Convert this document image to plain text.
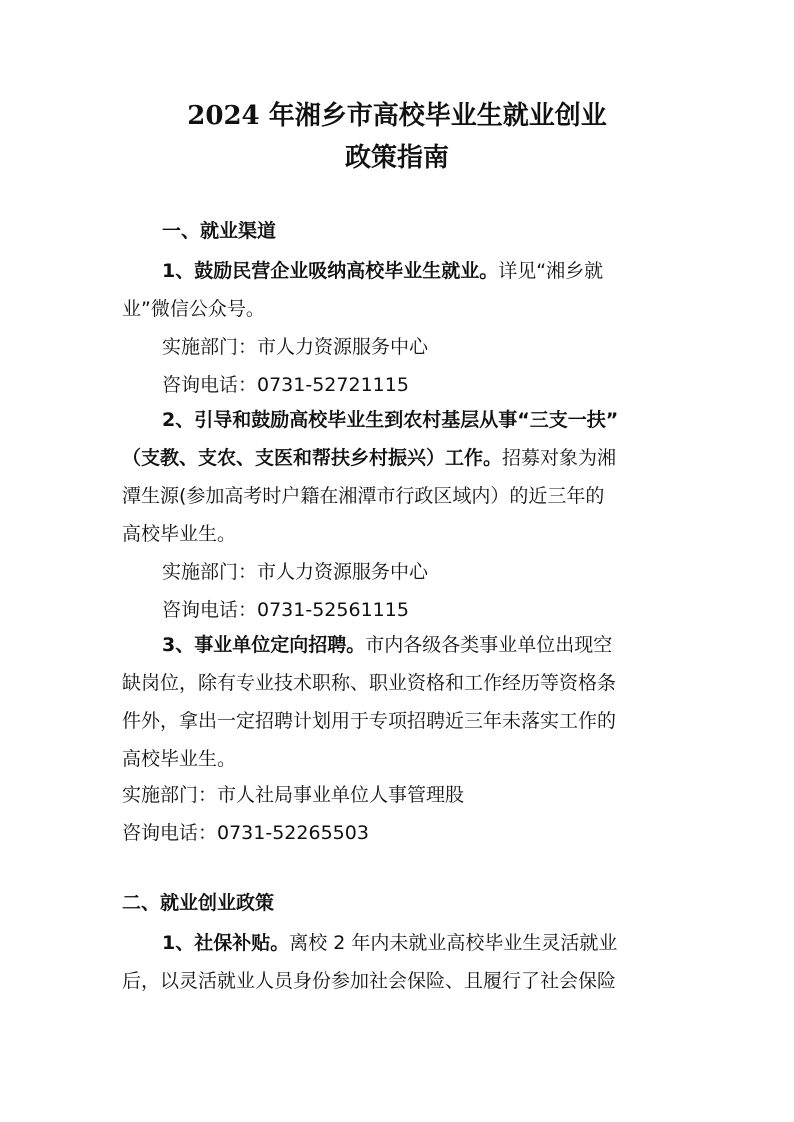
2024 年湘乡市高校毕业生就业创业
政策指南

一、就业渠道

1、鼓励民营企业吸纳高校毕业生就业。详见“湘乡就

业”微信公众号。

实施部门：市人力资源服务中心

咨询电话：0731-52721115

2、引导和鼓励高校毕业生到农村基层从事“三支一扶”

（支教、支农、支医和帮扶乡村振兴）工作。招募对象为湘

潭生源(参加高考时户籍在湘潭市行政区域内）的近三年的

高校毕业生。

实施部门：市人力资源服务中心

咨询电话：0731-52561115

3、事业单位定向招聘。市内各级各类事业单位出现空

缺岗位，除有专业技术职称、职业资格和工作经历等资格条

件外，拿出一定招聘计划用于专项招聘近三年未落实工作的

高校毕业生。

实施部门：市人社局事业单位人事管理股

咨询电话：0731-52265503

二、就业创业政策

1、社保补贴。离校 2 年内未就业高校毕业生灵活就业

后，以灵活就业人员身份参加社会保险、且履行了社会保险
